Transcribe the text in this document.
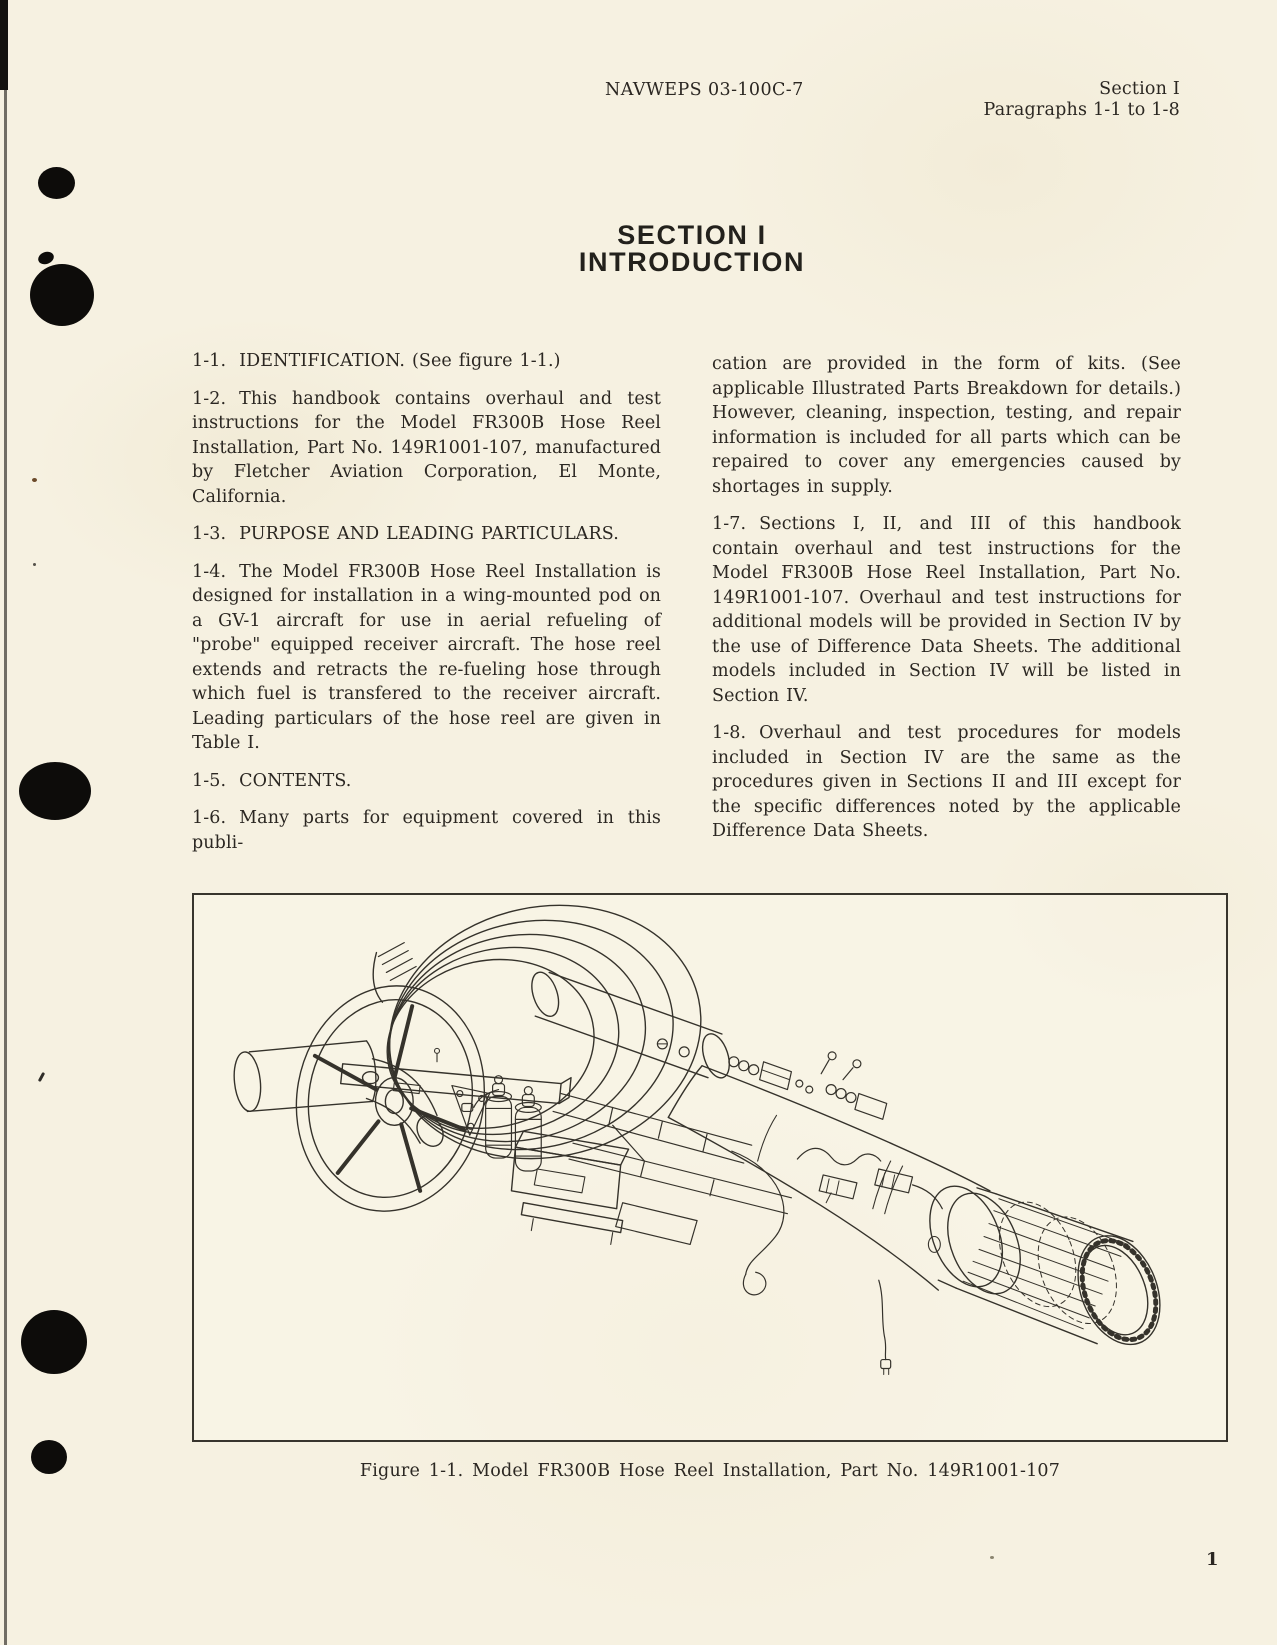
NAVWEPS 03-100C-7	Section I
Paragraphs 1-1 to 1-8
SECTION I
INTRODUCTION

1-1. IDENTIFICATION. (See figure 1-1.)

1-2. This handbook contains overhaul and test instructions for the Model FR300B Hose Reel Installation, Part No. 149R1001-107, manufactured by Fletcher Aviation Corporation, El Monte, California.

1-3. PURPOSE AND LEADING PARTICULARS.

1-4. The Model FR300B Hose Reel Installation is designed for installation in a wing-mounted pod on a GV-1 aircraft for use in aerial refueling of "probe" equipped receiver aircraft. The hose reel extends and retracts the re-fueling hose through which fuel is transfered to the receiver aircraft. Leading particulars of the hose reel are given in Table I.

1-5. CONTENTS.

1-6. Many parts for equipment covered in this publi-

cation are provided in the form of kits. (See applicable Illustrated Parts Breakdown for details.) However, cleaning, inspection, testing, and repair information is included for all parts which can be repaired to cover any emergencies caused by shortages in supply.

1-7. Sections I, II, and III of this handbook contain overhaul and test instructions for the Model FR300B Hose Reel Installation, Part No. 149R1001-107. Overhaul and test instructions for additional models will be provided in Section IV by the use of Difference Data Sheets. The additional models included in Section IV will be listed in Section IV.

1-8. Overhaul and test procedures for models included in Section IV are the same as the procedures given in Sections II and III except for the specific differences noted by the applicable Difference Data Sheets.

Figure 1-1. Model FR300B Hose Reel Installation, Part No. 149R1001-107
1
